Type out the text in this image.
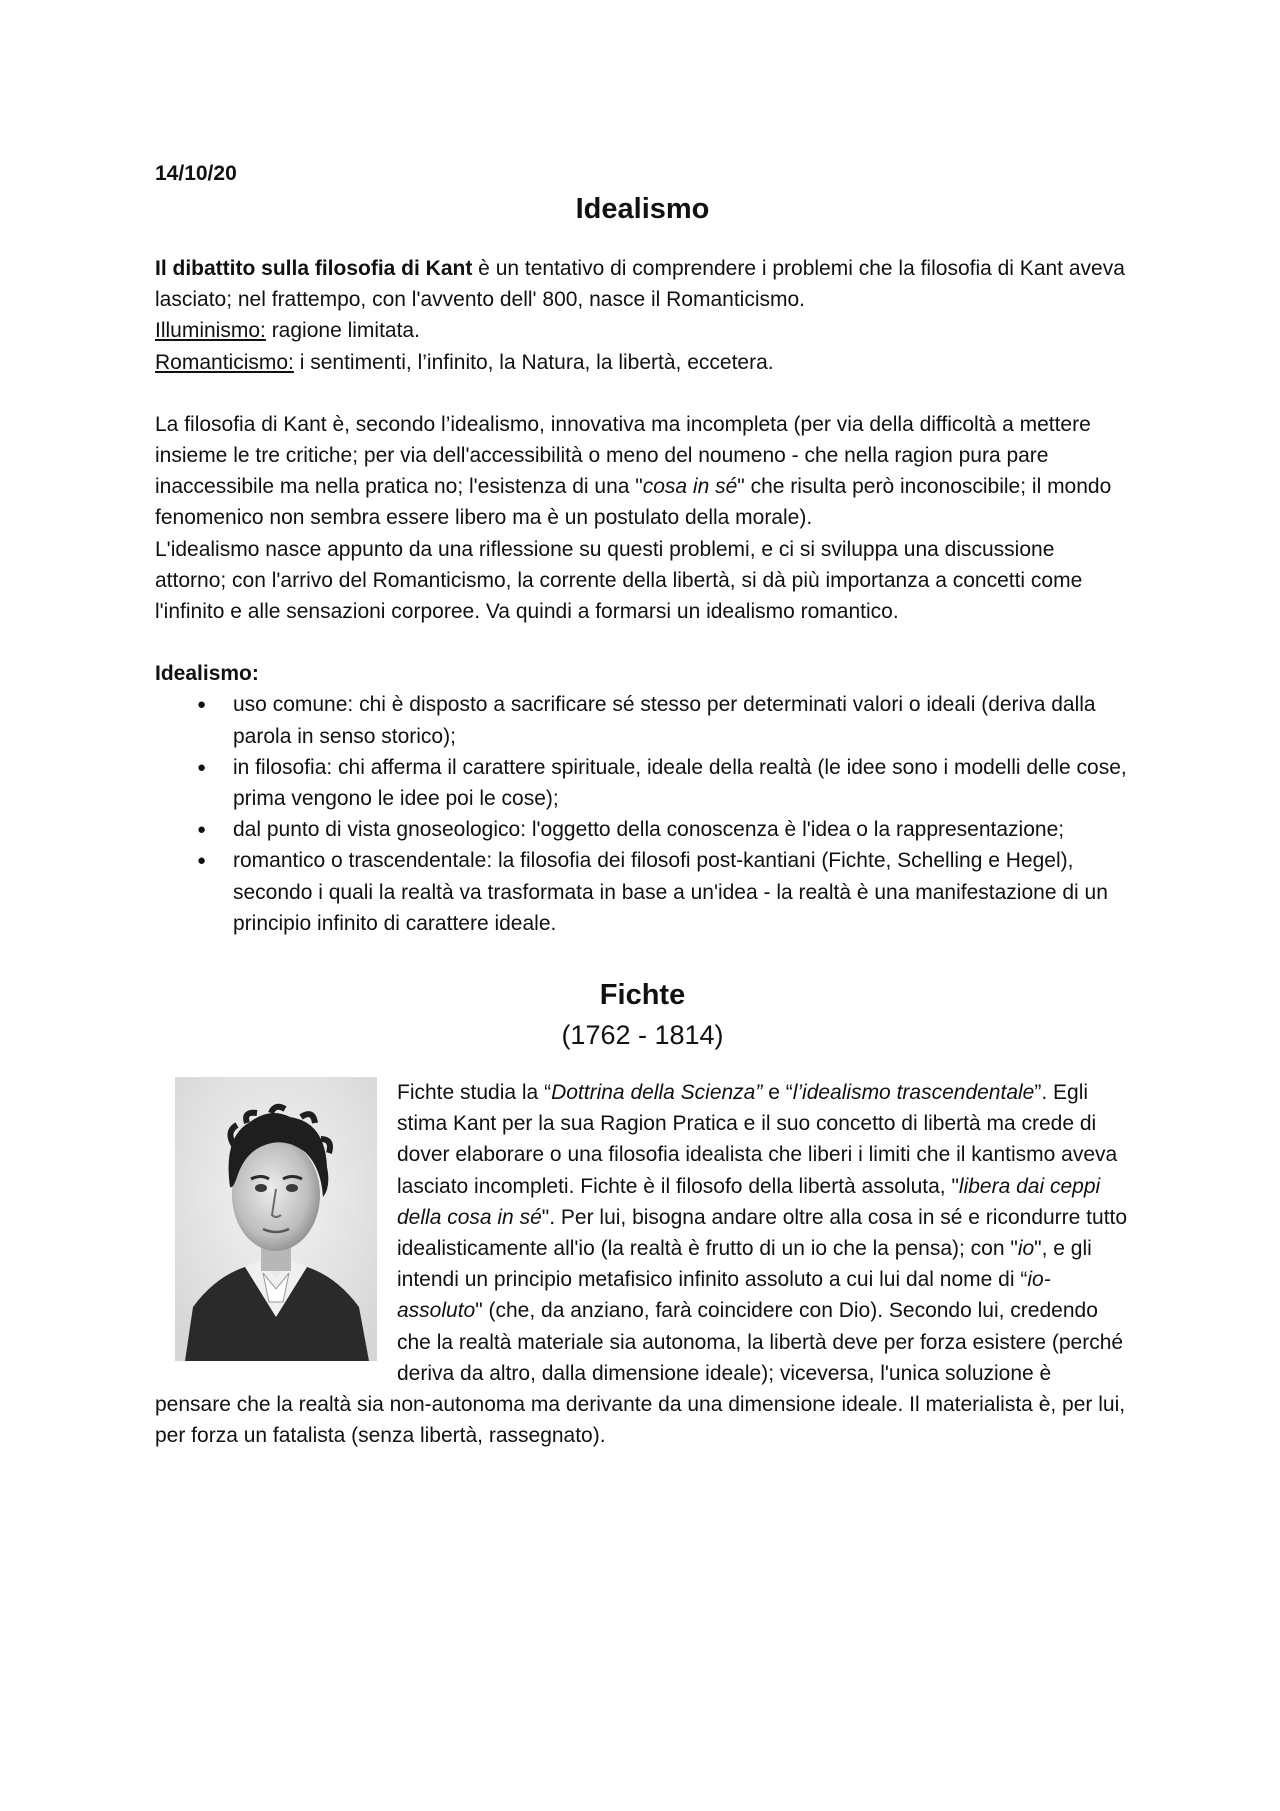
14/10/20

Idealismo

Il dibattito sulla filosofia di Kant è un tentativo di comprendere i problemi che la filosofia di Kant aveva lasciato; nel frattempo, con l'avvento dell' 800, nasce il Romanticismo.

Illuminismo: ragione limitata.

Romanticismo: i sentimenti, l’infinito, la Natura, la libertà, eccetera.

La filosofia di Kant è, secondo l’idealismo, innovativa ma incompleta (per via della difficoltà a mettere insieme le tre critiche; per via dell'accessibilità o meno del noumeno - che nella ragion pura pare inaccessibile ma nella pratica no; l'esistenza di una "cosa in sé" che risulta però inconoscibile; il mondo fenomenico non sembra essere libero ma è un postulato della morale).

L'idealismo nasce appunto da una riflessione su questi problemi, e ci si sviluppa una discussione attorno; con l'arrivo del Romanticismo, la corrente della libertà, si dà più importanza a concetti come l'infinito e alle sensazioni corporee. Va quindi a formarsi un idealismo romantico.

Idealismo:

● uso comune: chi è disposto a sacrificare sé stesso per determinati valori o ideali (deriva dalla parola in senso storico);
● in filosofia: chi afferma il carattere spirituale, ideale della realtà (le idee sono i modelli delle cose, prima vengono le idee poi le cose);
● dal punto di vista gnoseologico: l'oggetto della conoscenza è l'idea o la rappresentazione;
● romantico o trascendentale: la filosofia dei filosofi post-kantiani (Fichte, Schelling e Hegel), secondo i quali la realtà va trasformata in base a un'idea - la realtà è una manifestazione di un principio infinito di carattere ideale.
Fichte

(1762 - 1814)

Fichte studia la “Dottrina della Scienza” e “l’idealismo trascendentale”. Egli stima Kant per la sua Ragion Pratica e il suo concetto di libertà ma crede di dover elaborare o una filosofia idealista che liberi i limiti che il kantismo aveva lasciato incompleti. Fichte è il filosofo della libertà assoluta, "libera dai ceppi della cosa in sé". Per lui, bisogna andare oltre alla cosa in sé e ricondurre tutto idealisticamente all'io (la realtà è frutto di un io che la pensa); con "io", e gli intendi un principio metafisico infinito assoluto a cui lui dal nome di “io-assoluto" (che, da anziano, farà coincidere con Dio). Secondo lui, credendo che la realtà materiale sia autonoma, la libertà deve per forza esistere (perché deriva da altro, dalla dimensione ideale); viceversa, l'unica soluzione è pensare che la realtà sia non-autonoma ma derivante da una dimensione ideale. Il materialista è, per lui, per forza un fatalista (senza libertà, rassegnato).
